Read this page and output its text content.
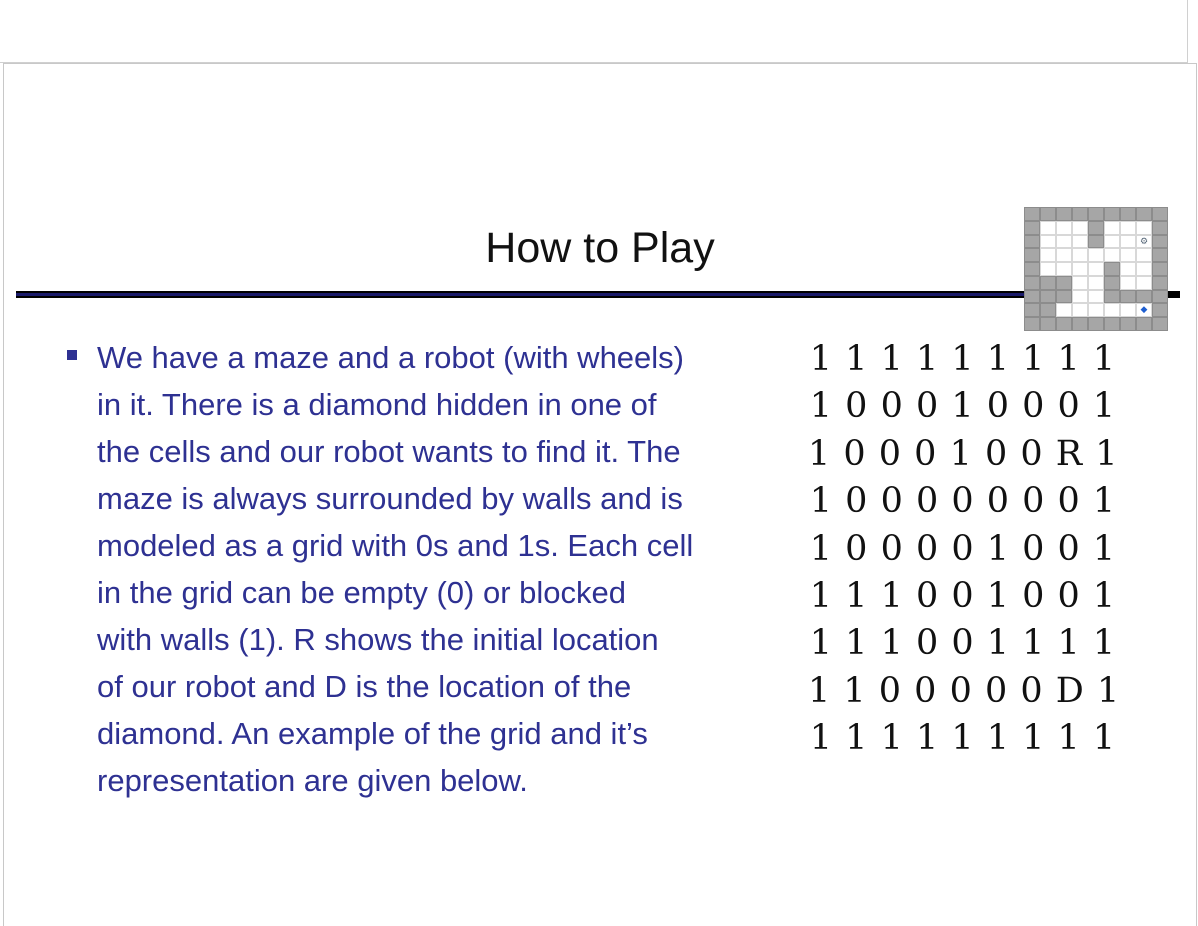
How to Play	⚙
◆
We have a maze and a robot (with wheels)
in it. There is a diamond hidden in one of
the cells and our robot wants to find it. The
maze is always surrounded by walls and is
modeled as a grid with 0s and 1s. Each cell
in the grid can be empty (0) or blocked
with walls (1). R shows the initial location
of our robot and D is the location of the
diamond. An example of the grid and it’s
representation are given below.
1 1 1 1 1 1 1 1 1
1 0 0 0 1 0 0 0 1
1 0 0 0 1 0 0 R 1
1 0 0 0 0 0 0 0 1
1 0 0 0 0 1 0 0 1
1 1 1 0 0 1 0 0 1
1 1 1 0 0 1 1 1 1
1 1 0 0 0 0 0 D 1
1 1 1 1 1 1 1 1 1
